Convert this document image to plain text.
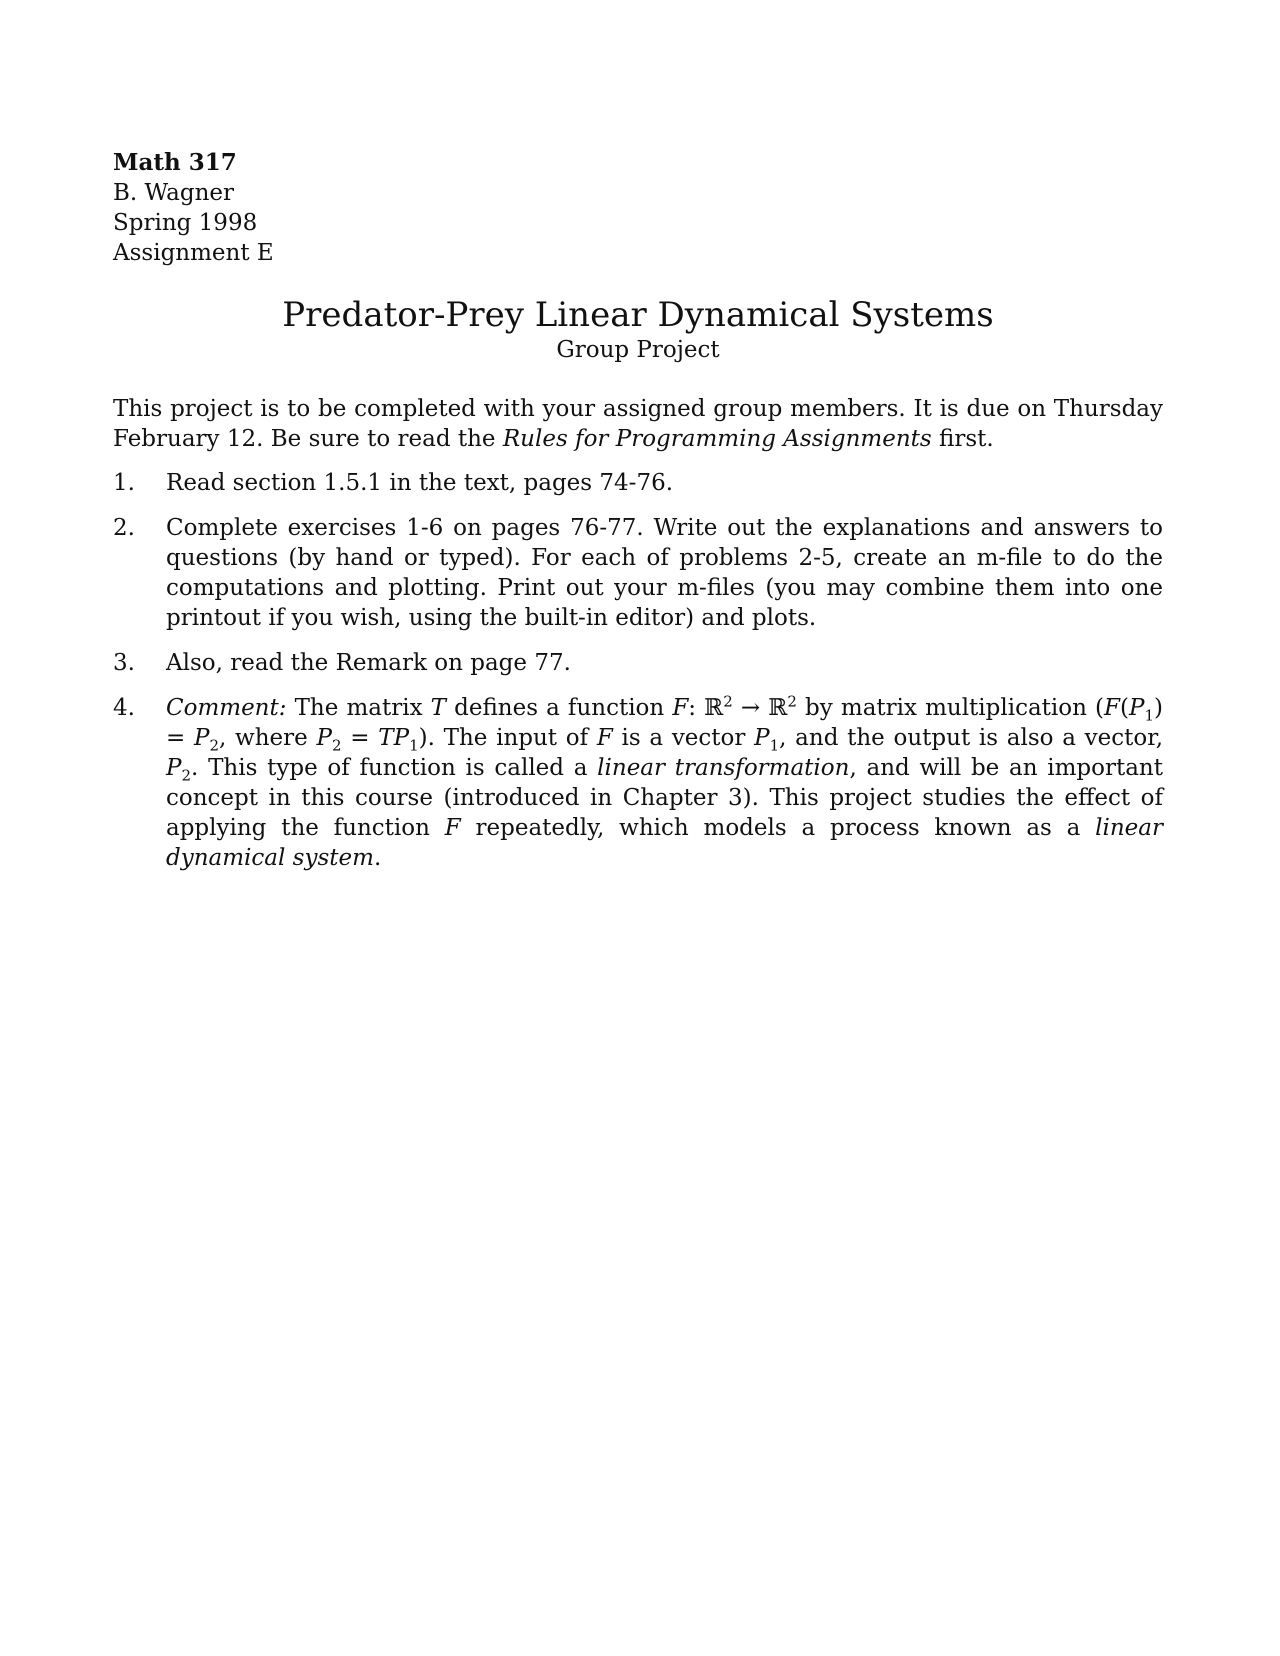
Math 317
B. Wagner
Spring 1998
Assignment E
Predator-Prey Linear Dynamical Systems
Group Project
This project is to be completed with your assigned group members. It is due on Thursday February 12. Be sure to read the Rules for Programming Assignments first.
1.	Read section 1.5.1 in the text, pages 74-76.
2.	Complete exercises 1-6 on pages 76-77. Write out the explanations and answers to questions (by hand or typed). For each of problems 2-5, create an m-file to do the computations and plotting. Print out your m-files (you may combine them into one printout if you wish, using the built-in editor) and plots.
3.	Also, read the Remark on page 77.
4.	Comment: The matrix T defines a function F: ℝ$^2$ → ℝ$^2$ by matrix multiplication ($F(P_1) = P_2$, where $P_2 = TP_1$). The input of F is a vector $P_1$, and the output is also a vector, $P_2$. This type of function is called a linear transformation, and will be an important concept in this course (introduced in Chapter 3). This project studies the effect of applying the function F repeatedly, which models a process known as a linear dynamical system.
